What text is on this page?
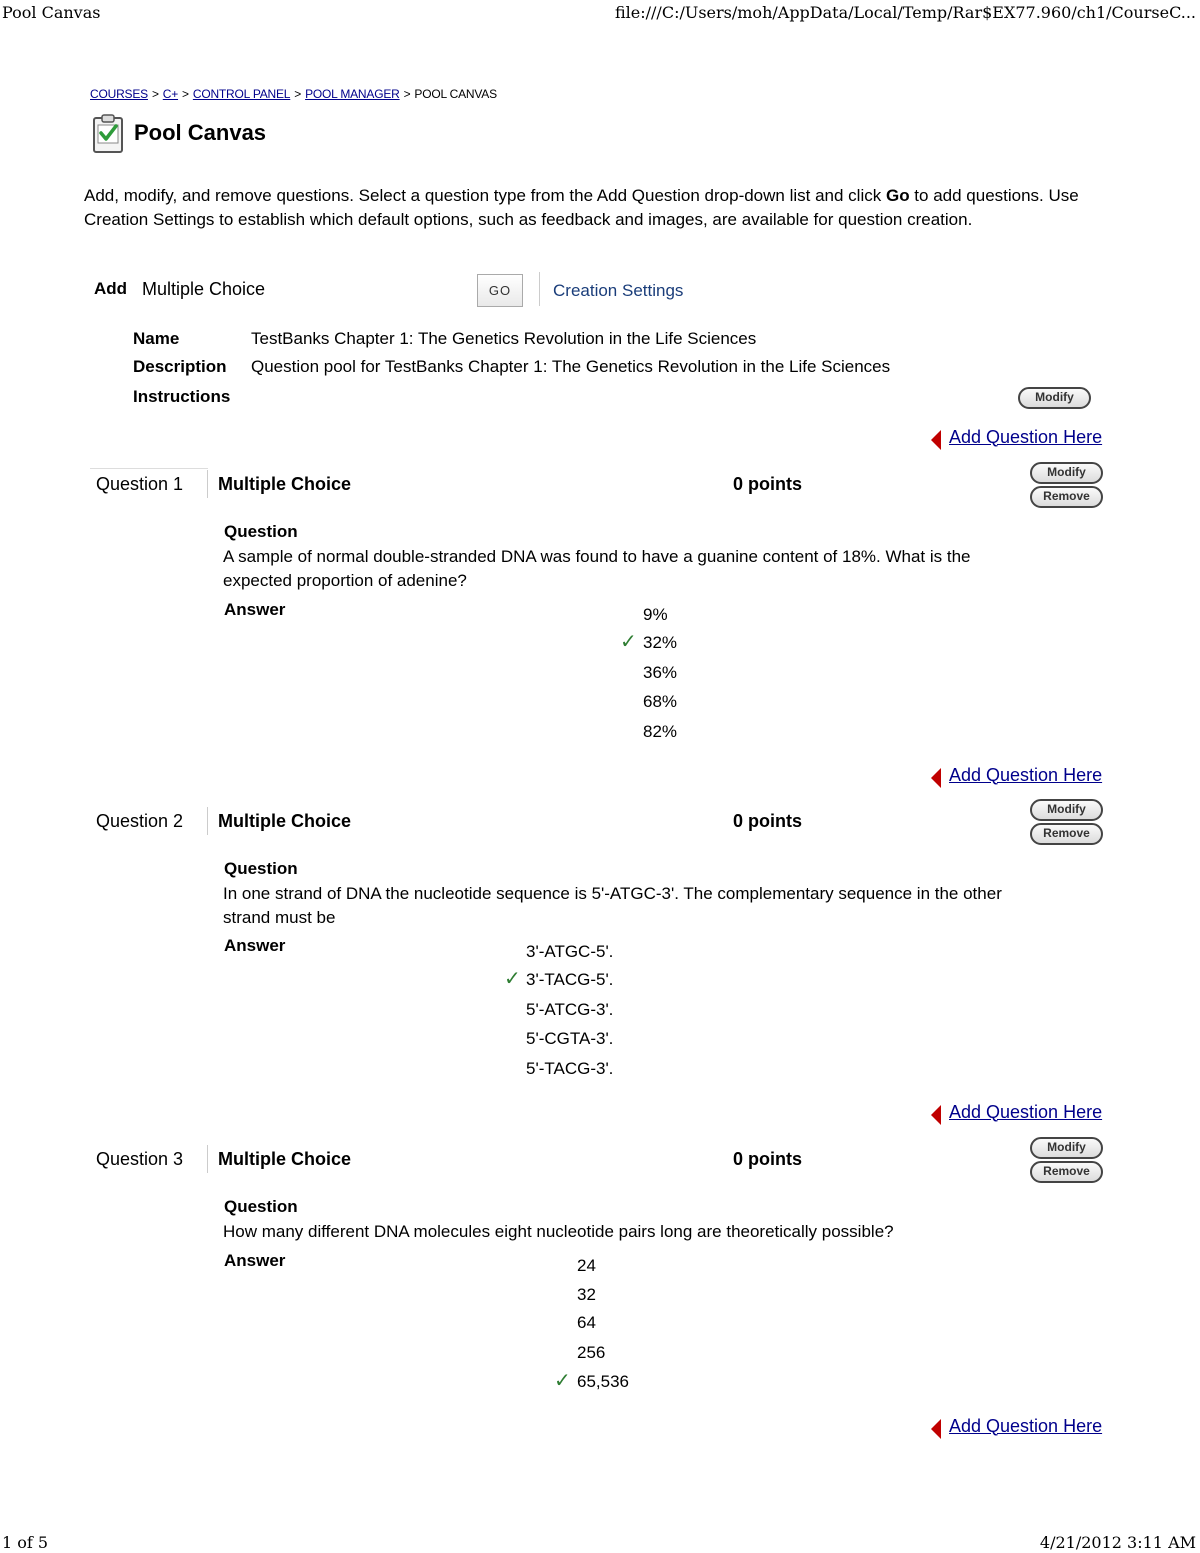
Pool Canvas	file:///C:/Users/moh/AppData/Local/Temp/Rar$EX77.960/ch1/CourseC...
COURSES > C+ > CONTROL PANEL > POOL MANAGER > POOL CANVAS
Pool Canvas
Add, modify, and remove questions. Select a question type from the Add Question drop-down list and click Go to add questions. Use Creation Settings to establish which default options, such as feedback and images, are available for question creation.
Add Multiple Choice	GO	Creation Settings
Name	TestBanks Chapter 1: The Genetics Revolution in the Life Sciences
Description Question pool for TestBanks Chapter 1: The Genetics Revolution in the Life Sciences
Instructions	Modify
Add Question Here
Question 1 Multiple Choice	0 points
Modify
Remove
Question
A sample of normal double-stranded DNA was found to have a guanine content of 18%. What is the expected proportion of adenine?
Answer	9%
✓ 32%
36%
68%
82%
Add Question Here
Question 2 Multiple Choice	0 points
Modify
Remove
Question
In one strand of DNA the nucleotide sequence is 5'-ATGC-3'. The complementary sequence in the other strand must be
Answer	3'-ATGC-5'.
✓ 3'-TACG-5'.
5'-ATCG-3'.
5'-CGTA-3'.
5'-TACG-3'.
Add Question Here
Question 3 Multiple Choice	0 points
Modify
Remove
Question
How many different DNA molecules eight nucleotide pairs long are theoretically possible?
Answer	24
32
64
256
✓ 65,536
Add Question Here
1 of 5	4/21/2012 3:11 AM
